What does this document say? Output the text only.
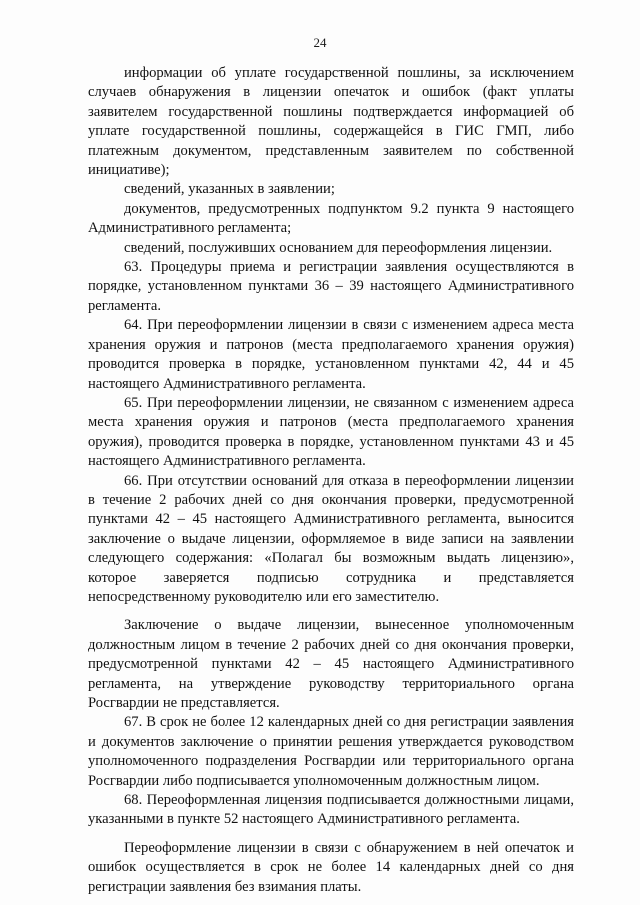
24

информации об уплате государственной пошлины, за исключением случаев обнаружения в лицензии опечаток и ошибок (факт уплаты заявителем государственной пошлины подтверждается информацией об уплате государственной пошлины, содержащейся в ГИС ГМП, либо платежным документом, представленным заявителем по собственной инициативе);

сведений, указанных в заявлении;

документов, предусмотренных подпунктом 9.2 пункта 9 настоящего Административного регламента;

сведений, послуживших основанием для переоформления лицензии.

63. Процедуры приема и регистрации заявления осуществляются в порядке, установленном пунктами 36 – 39 настоящего Административного регламента.

64. При переоформлении лицензии в связи с изменением адреса места хранения оружия и патронов (места предполагаемого хранения оружия) проводится проверка в порядке, установленном пунктами 42, 44 и 45 настоящего Административного регламента.

65. При переоформлении лицензии, не связанном с изменением адреса места хранения оружия и патронов (места предполагаемого хранения оружия), проводится проверка в порядке, установленном пунктами 43 и 45 настоящего Административного регламента.

66. При отсутствии оснований для отказа в переоформлении лицензии в течение 2 рабочих дней со дня окончания проверки, предусмотренной пунктами 42 – 45 настоящего Административного регламента, выносится заключение о выдаче лицензии, оформляемое в виде записи на заявлении следующего содержания: «Полагал бы возможным выдать лицензию», которое заверяется подписью сотрудника и представляется непосредственному руководителю или его заместителю.

Заключение о выдаче лицензии, вынесенное уполномоченным должностным лицом в течение 2 рабочих дней со дня окончания проверки, предусмотренной пунктами 42 – 45 настоящего Административного регламента, на утверждение руководству территориального органа Росгвардии не представляется.

67. В срок не более 12 календарных дней со дня регистрации заявления и документов заключение о принятии решения утверждается руководством уполномоченного подразделения Росгвардии или территориального органа Росгвардии либо подписывается уполномоченным должностным лицом.

68. Переоформленная лицензия подписывается должностными лицами, указанными в пункте 52 настоящего Административного регламента.

Переоформление лицензии в связи с обнаружением в ней опечаток и ошибок осуществляется в срок не более 14 календарных дней со дня регистрации заявления без взимания платы.
